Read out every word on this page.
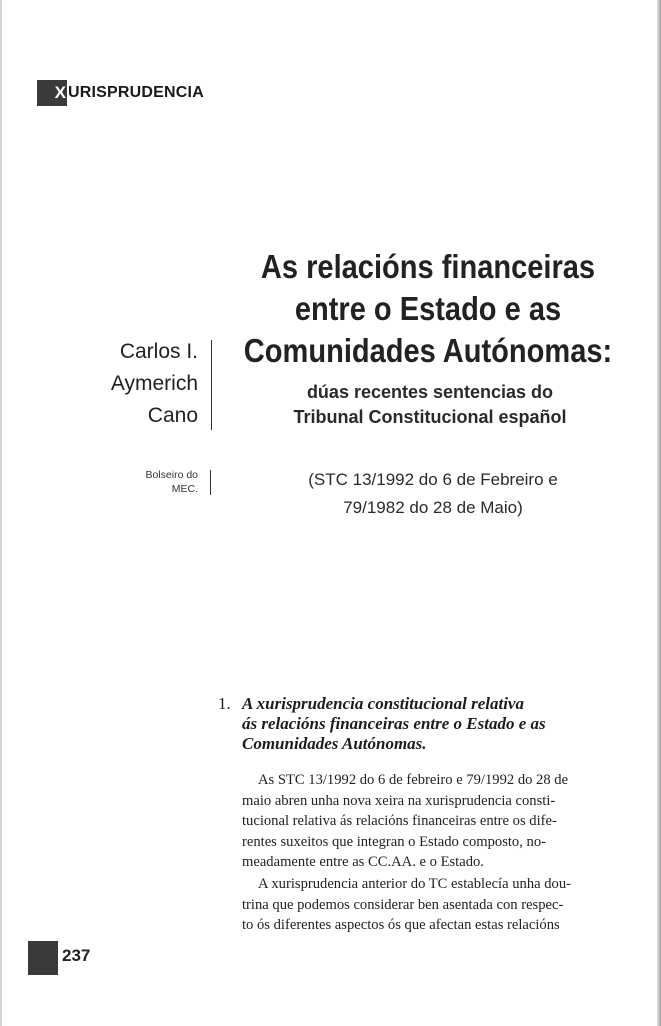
X URISPRUDENCIA
As relacións financeiras
entre o Estado e as
Comunidades Autónomas:
dúas recentes sentencias do
Tribunal Constitucional español

(STC 13/1992 do 6 de Febreiro e
79/1982 do 28 de Maio)

Carlos I.
Aymerich
Cano
Bolseiro do
MEC.
1. A xurisprudencia constitucional relativa
ás relacións financeiras entre o Estado e as
Comunidades Autónomas.

As STC 13/1992 do 6 de febreiro e 79/1992 do 28 de
maio abren unha nova xeira na xurisprudencia consti-
tucional relativa ás relacións financeiras entre os dife-
rentes suxeitos que integran o Estado composto, no-
meadamente entre as CC.AA. e o Estado.

A xurisprudencia anterior do TC establecía unha dou-
trina que podemos considerar ben asentada con respec-
to ós diferentes aspectos ós que afectan estas relacións

237
